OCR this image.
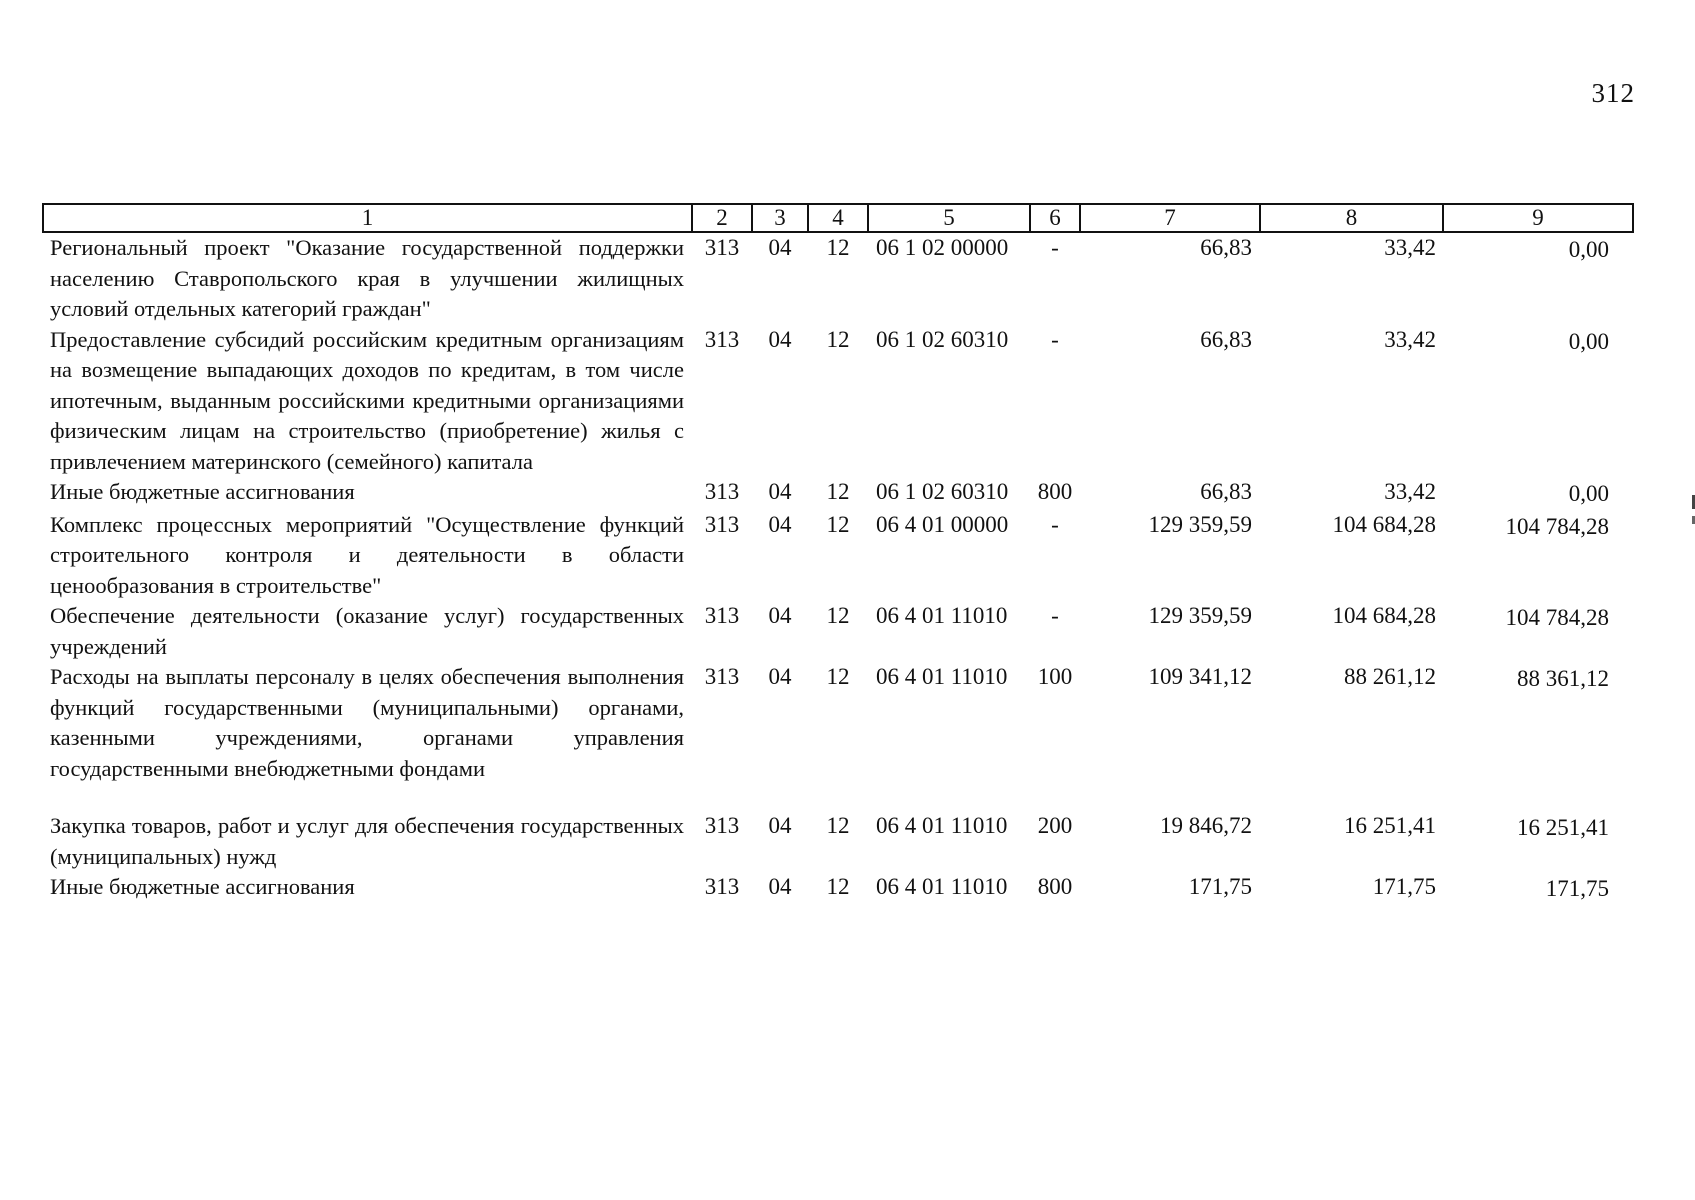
312
1	2	3	4	5	6	7	8	9
Региональный проект "Оказание государственной поддержки населению Ставропольского края в улучшении жилищных условий отдельных категорий граждан"	313	04	12	06 1 02 00000	-	66,83	33,42	0,00
Предоставление субсидий российским кредитным организациям на возмещение выпадающих доходов по кредитам, в том числе ипотечным, выданным российскими кредитными организациями физическим лицам на строительство (приобретение) жилья с привлечением материнского (семейного) капитала	313	04	12	06 1 02 60310	-	66,83	33,42	0,00
Иные бюджетные ассигнования	313	04	12	06 1 02 60310	800	66,83	33,42	0,00
Комплекс процессных мероприятий "Осуществление функций строительного контроля и деятельности в области ценообразования в строительстве"	313	04	12	06 4 01 00000	-	129 359,59	104 684,28	104 784,28
Обеспечение деятельности (оказание услуг) государственных учреждений	313	04	12	06 4 01 11010	-	129 359,59	104 684,28	104 784,28
Расходы на выплаты персоналу в целях обеспечения выполнения функций государственными (муниципальными) органами, казенными учреждениями, органами управления государственными внебюджетными фондами	313	04	12	06 4 01 11010	100	109 341,12	88 261,12	88 361,12
Закупка товаров, работ и услуг для обеспечения государственных (муниципальных) нужд	313	04	12	06 4 01 11010	200	19 846,72	16 251,41	16 251,41
Иные бюджетные ассигнования	313	04	12	06 4 01 11010	800	171,75	171,75	171,75
